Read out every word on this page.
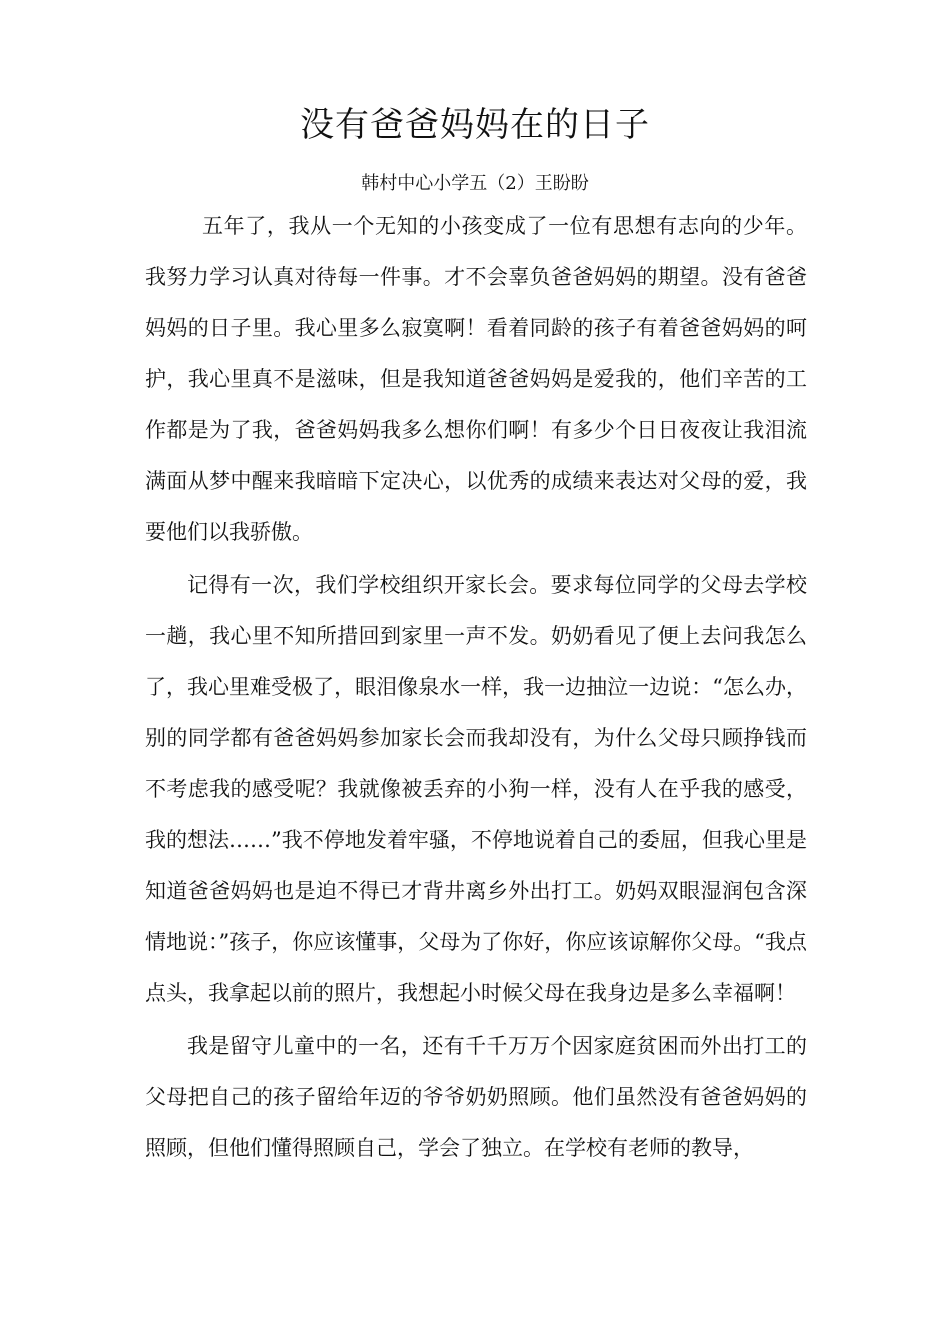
没有爸爸妈妈在的日子

韩村中心小学五（2）王盼盼

五年了，我从一个无知的小孩变成了一位有思想有志向的少年。我努力学习认真对待每一件事。才不会辜负爸爸妈妈的期望。没有爸爸妈妈的日子里。我心里多么寂寞啊！看着同龄的孩子有着爸爸妈妈的呵护，我心里真不是滋味，但是我知道爸爸妈妈是爱我的，他们辛苦的工作都是为了我，爸爸妈妈我多么想你们啊！有多少个日日夜夜让我泪流满面从梦中醒来我暗暗下定决心，以优秀的成绩来表达对父母的爱，我要他们以我骄傲。

记得有一次，我们学校组织开家长会。要求每位同学的父母去学校一趟，我心里不知所措回到家里一声不发。奶奶看见了便上去问我怎么了，我心里难受极了，眼泪像泉水一样，我一边抽泣一边说：“怎么办，别的同学都有爸爸妈妈参加家长会而我却没有，为什么父母只顾挣钱而不考虑我的感受呢？我就像被丢弃的小狗一样，没有人在乎我的感受，我的想法……”我不停地发着牢骚，不停地说着自己的委屈，但我心里是知道爸爸妈妈也是迫不得已才背井离乡外出打工。奶妈双眼湿润包含深情地说：”孩子，你应该懂事，父母为了你好，你应该谅解你父母。“我点点头，我拿起以前的照片，我想起小时候父母在我身边是多么幸福啊！

我是留守儿童中的一名，还有千千万万个因家庭贫困而外出打工的父母把自己的孩子留给年迈的爷爷奶奶照顾。他们虽然没有爸爸妈妈的照顾，但他们懂得照顾自己，学会了独立。在学校有老师的教导，
